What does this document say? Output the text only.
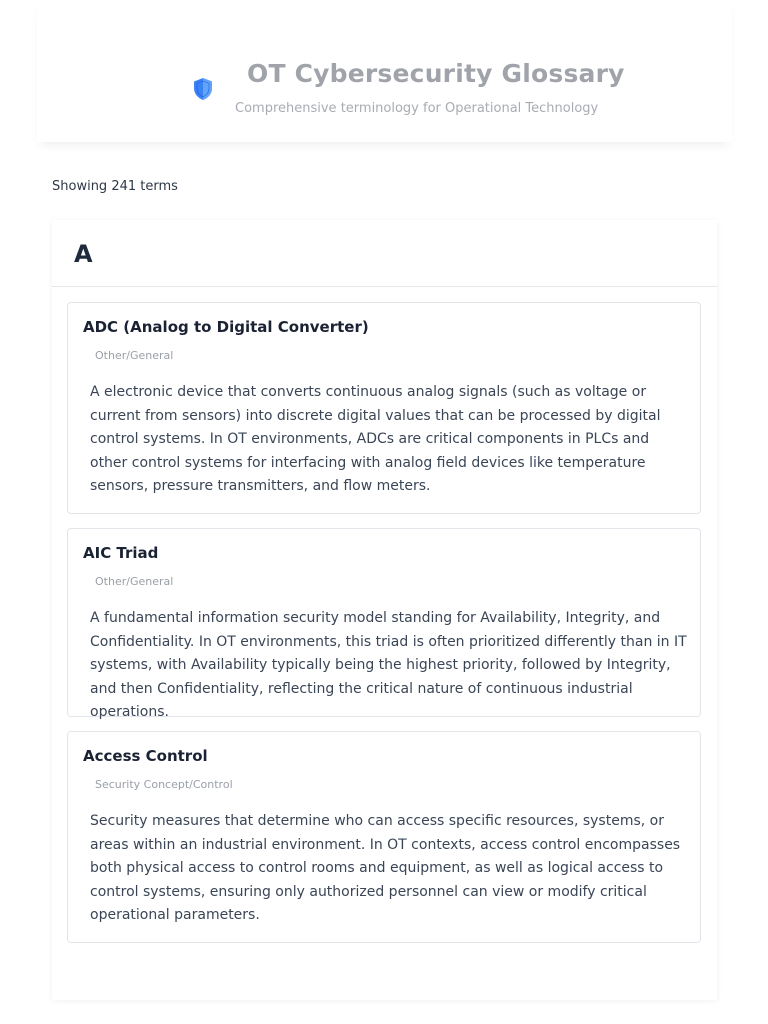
OT Cybersecurity Glossary
Comprehensive terminology for Operational Technology
Showing 241 terms
A
ADC (Analog to Digital Converter)
Other/General

A electronic device that converts continuous analog signals (such as voltage or current from sensors) into discrete digital values that can be processed by digital control systems. In OT environments, ADCs are critical components in PLCs and other control systems for interfacing with analog field devices like temperature sensors, pressure transmitters, and flow meters.

AIC Triad
Other/General

A fundamental information security model standing for Availability, Integrity, and Confidentiality. In OT environments, this triad is often prioritized differently than in IT systems, with Availability typically being the highest priority, followed by Integrity, and then Confidentiality, reflecting the critical nature of continuous industrial operations.

Access Control
Security Concept/Control

Security measures that determine who can access specific resources, systems, or areas within an industrial environment. In OT contexts, access control encompasses both physical access to control rooms and equipment, as well as logical access to control systems, ensuring only authorized personnel can view or modify critical operational parameters.
